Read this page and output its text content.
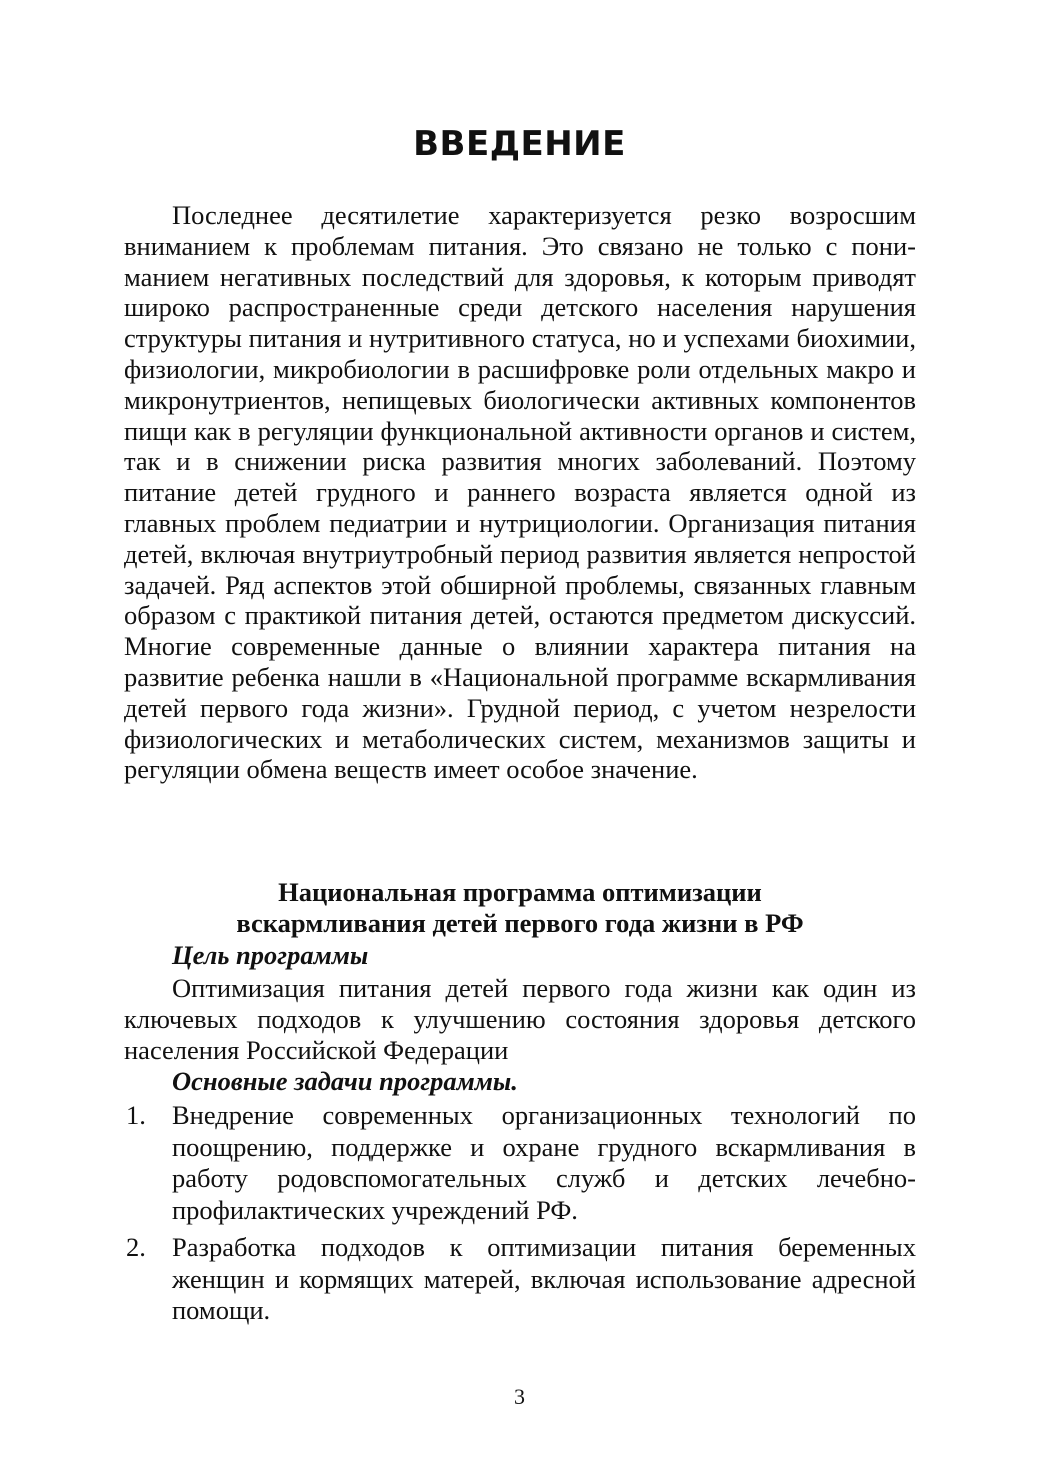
ВВЕДЕНИЕ
Последнее десятилетие характеризуется резко возросшим вниманием к проблемам питания. Это связано не только с пониманием негативных последствий для здоровья, к которым приводят широко распространенные среди детского населения нарушения структуры питания и нутритивного статуса, но и успехами биохимии, физиологии, микробиологии в расшифровке роли отдельных макро и микронутриентов, непищевых биологически активных компонентов пищи как в регуляции функциональной активности органов и систем, так и в снижении риска развития многих заболеваний. Поэтому питание детей грудного и раннего возраста является одной из главных проблем педиатрии и нутрициологии. Организация питания детей, включая внутриутробный период развития является непростой задачей. Ряд аспектов этой обширной проблемы, связанных главным образом с практикой питания детей, остаются предметом дискуссий. Многие современные данные о влиянии характера питания на развитие ребенка нашли в «Национальной программе вскармливания детей первого года жизни». Грудной период, с учетом незрелости физиологических и метаболических систем, механизмов защиты и регуляции обмена веществ имеет особое значение.
Национальная программа оптимизации
вскармливания детей первого года жизни в РФ
Цель программы
Оптимизация питания детей первого года жизни как один из ключевых подходов к улучшению состояния здоровья детского населения Российской Федерации
Основные задачи программы.
1. Внедрение современных организационных технологий по поощрению, поддержке и охране грудного вскармливания в работу родовспомогательных служб и детских лечебно-профилактических учреждений РФ.
2. Разработка подходов к оптимизации питания беременных женщин и кормящих матерей, включая использование адресной помощи.
3
